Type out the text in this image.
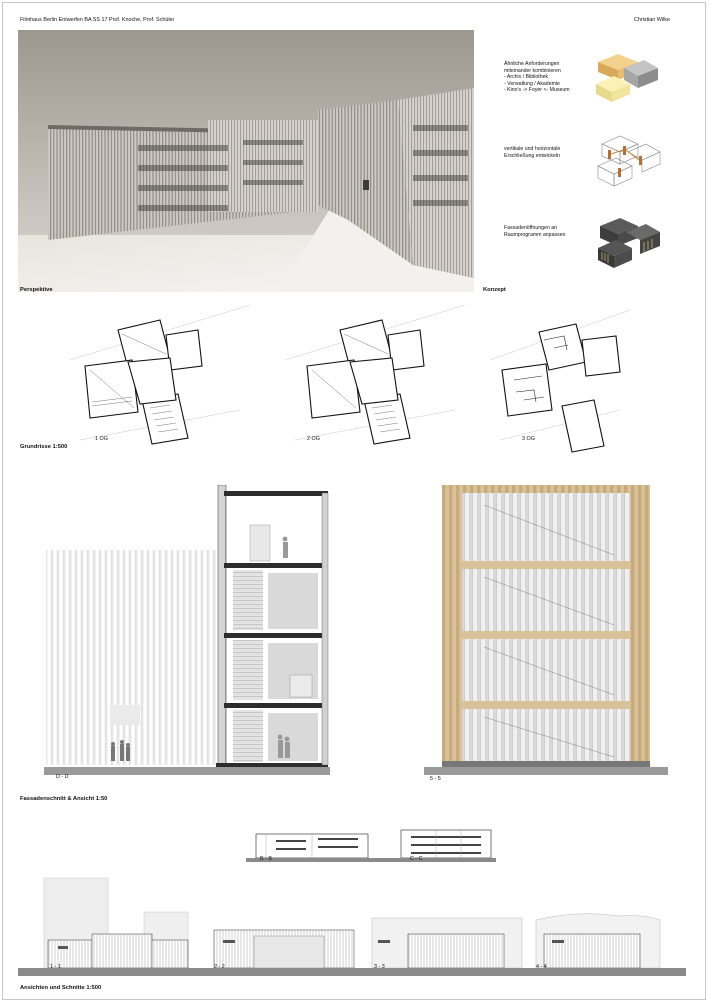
Filmhaus Berlin Entwerfen BA SS 17 Prof. Knoche, Prof. Schüler	Christian Wilke
Perspektive
Ähnliche Anforderungen
miteinander kombinieren
- Archiv / Bibliothek
- Verwaltung / Akademie
- Kino's -> Foyer <- Museum
vertikale und horizontale
Erschließung entwickeln
Fassadenöffnungen an
Raumprogramm anpassen
Konzept
1 OG	2 OG	3 OG
Grundrisse 1:500
D - D	5 - 5
Fassadenschnitt & Ansicht 1:50
B - B	C - C
1 - 1	2 - 2	3 - 3	4 - 4
Ansichten und Schnitte 1:500
